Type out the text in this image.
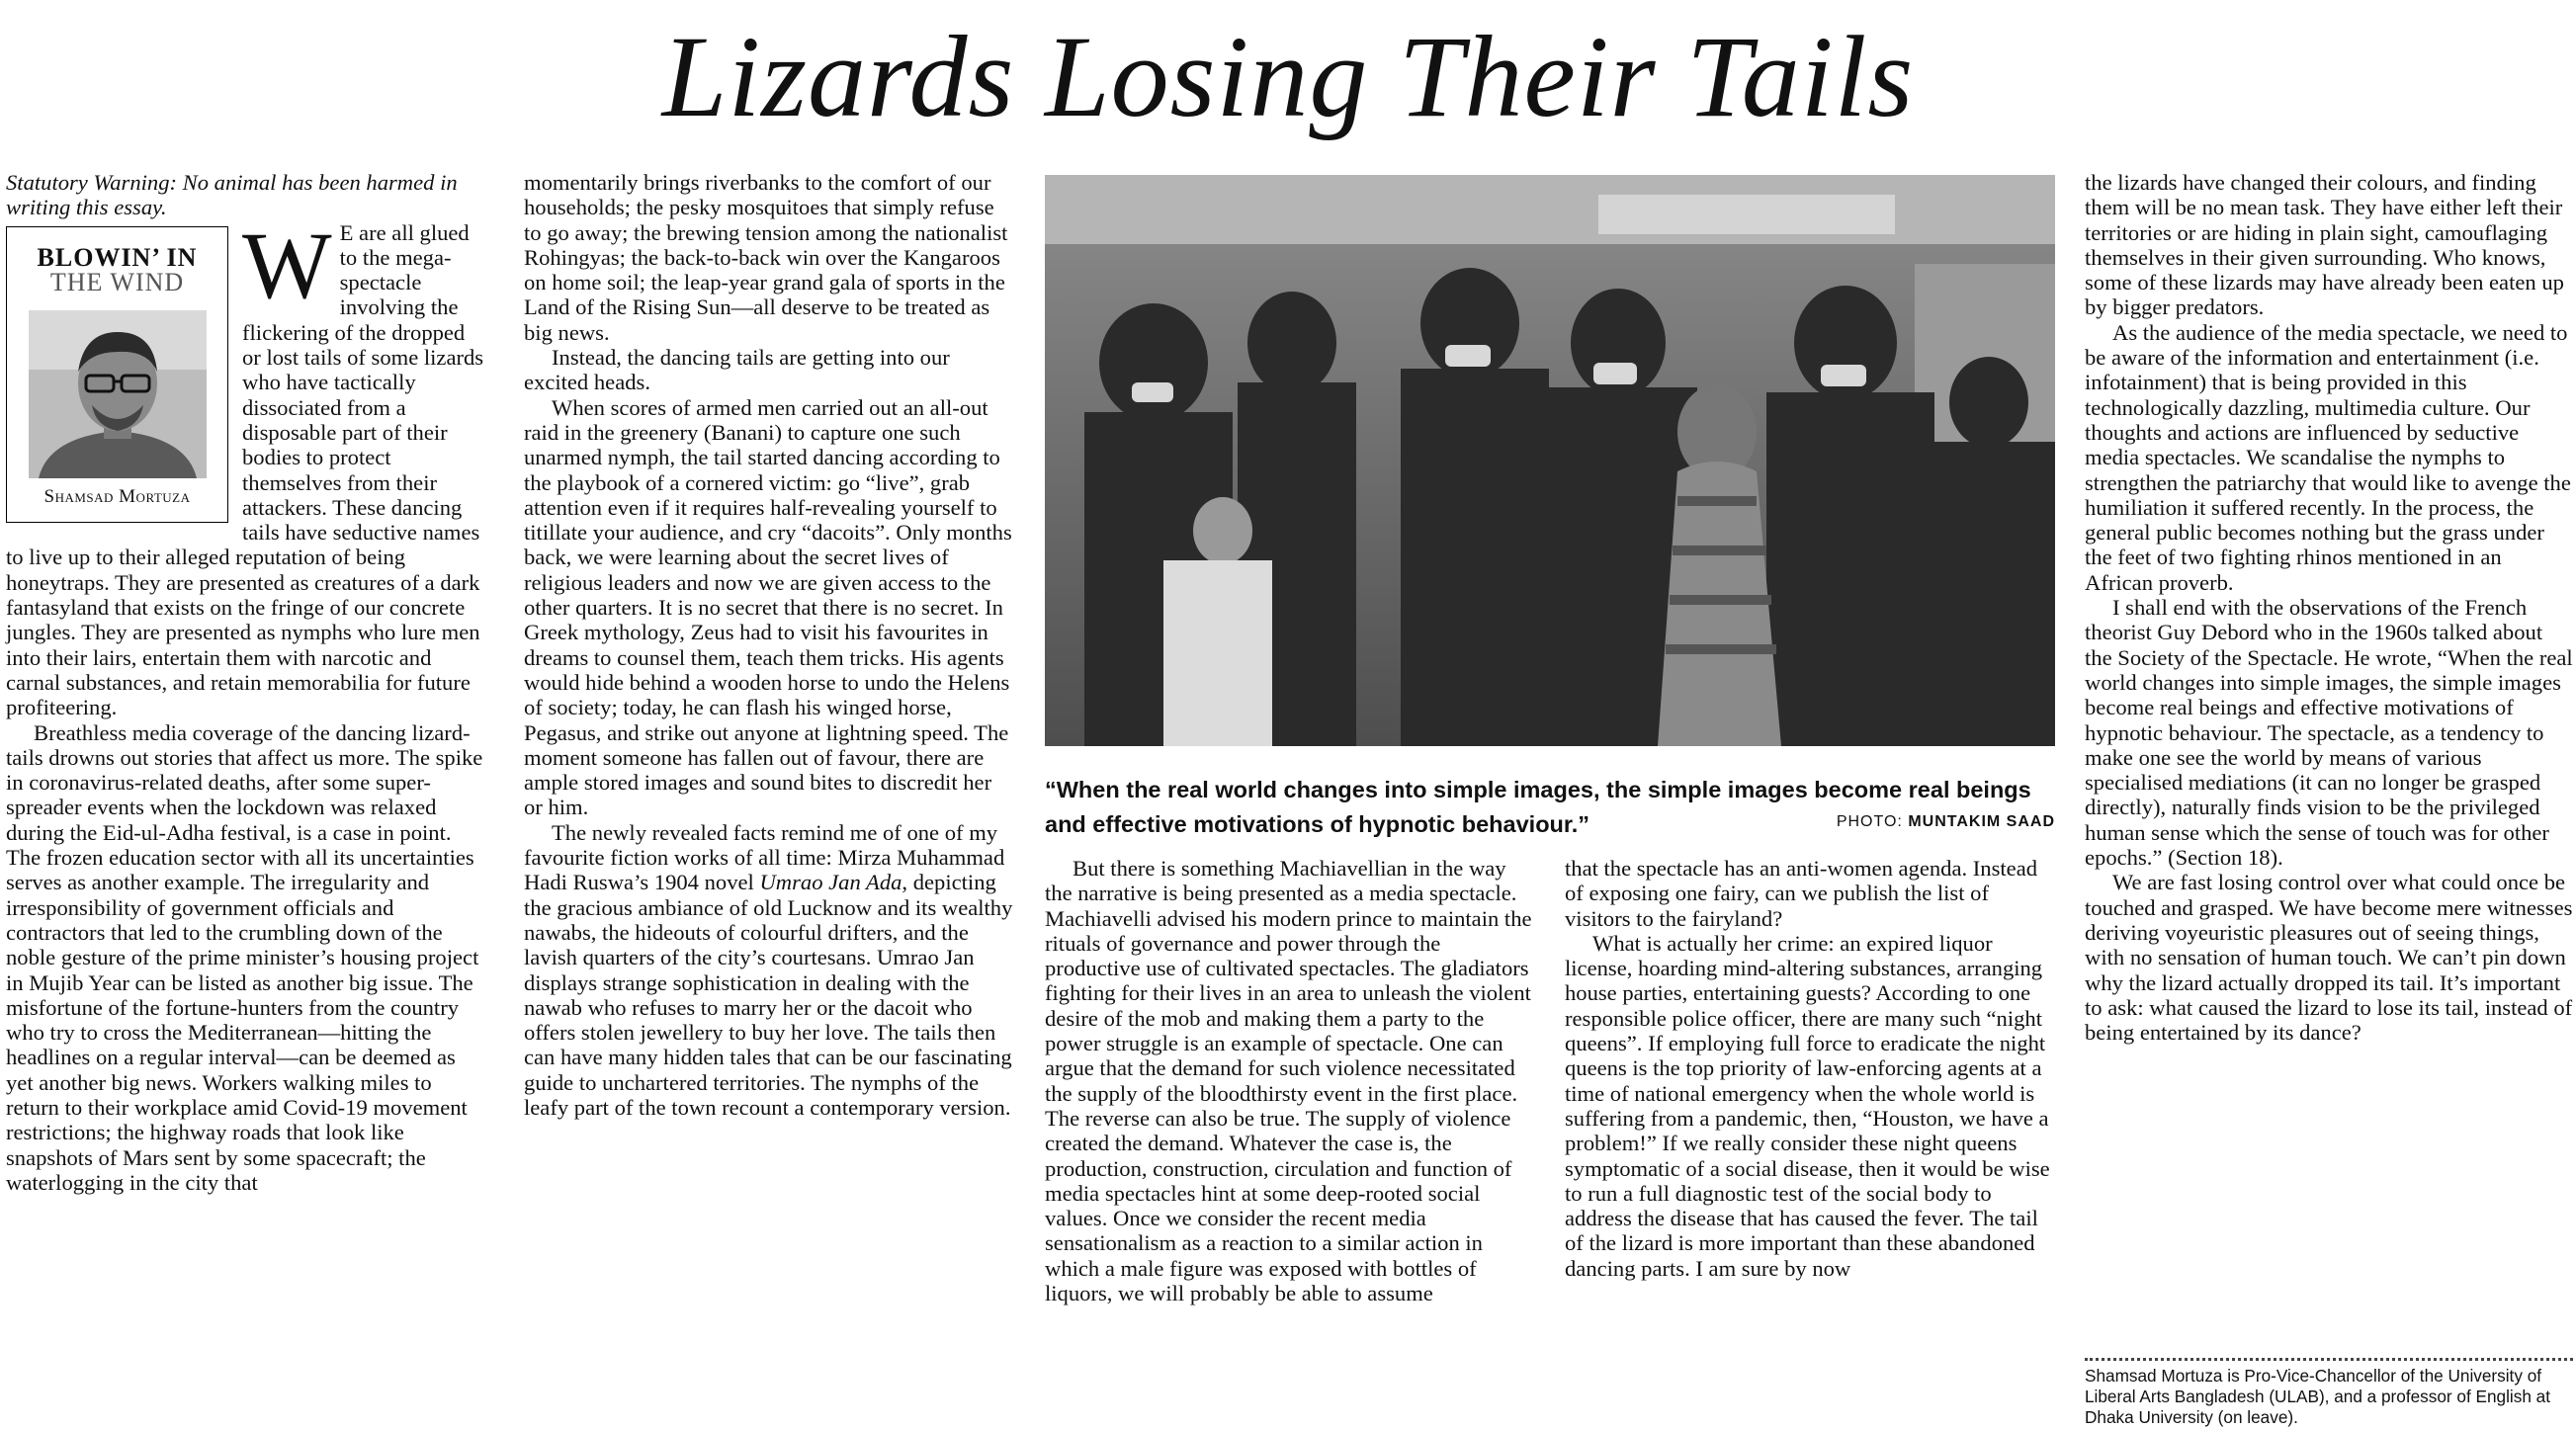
Lizards Losing Their Tails

Statutory Warning: No animal has been harmed in writing this essay.

BLOWIN’ IN
THE WIND
Shamsad Mortuza

W E are all glued to the mega-spectacle involving the flickering of the dropped or lost tails of some lizards who have tactically dissociated from a disposable part of their bodies to protect themselves from their attackers. These dancing tails have seductive names to live up to their alleged reputation of being honeytraps. They are presented as creatures of a dark fantasyland that exists on the fringe of our concrete jungles. They are presented as nymphs who lure men into their lairs, entertain them with narcotic and carnal substances, and retain memorabilia for future profiteering.

Breathless media coverage of the dancing lizard-tails drowns out stories that affect us more. The spike in coronavirus-related deaths, after some super-spreader events when the lockdown was relaxed during the Eid-ul-Adha festival, is a case in point. The frozen education sector with all its uncertainties serves as another example. The irregularity and irresponsibility of government officials and contractors that led to the crumbling down of the noble gesture of the prime minister’s housing project in Mujib Year can be listed as another big issue. The misfortune of the fortune-hunters from the country who try to cross the Mediterranean—hitting the headlines on a regular interval—can be deemed as yet another big news. Workers walking miles to return to their workplace amid Covid-19 movement restrictions; the highway roads that look like snapshots of Mars sent by some spacecraft; the waterlogging in the city that

momentarily brings riverbanks to the comfort of our households; the pesky mosquitoes that simply refuse to go away; the brewing tension among the nationalist Rohingyas; the back-to-back win over the Kangaroos on home soil; the leap-year grand gala of sports in the Land of the Rising Sun—all deserve to be treated as big news.

Instead, the dancing tails are getting into our excited heads.

When scores of armed men carried out an all-out raid in the greenery (Banani) to capture one such unarmed nymph, the tail started dancing according to the playbook of a cornered victim: go “live”, grab attention even if it requires half-revealing yourself to titillate your audience, and cry “dacoits”. Only months back, we were learning about the secret lives of religious leaders and now we are given access to the other quarters. It is no secret that there is no secret. In Greek mythology, Zeus had to visit his favourites in dreams to counsel them, teach them tricks. His agents would hide behind a wooden horse to undo the Helens of society; today, he can flash his winged horse, Pegasus, and strike out anyone at lightning speed. The moment someone has fallen out of favour, there are ample stored images and sound bites to discredit her or him.

The newly revealed facts remind me of one of my favourite fiction works of all time: Mirza Muhammad Hadi Ruswa’s 1904 novel Umrao Jan Ada, depicting the gracious ambiance of old Lucknow and its wealthy nawabs, the hideouts of colourful drifters, and the lavish quarters of the city’s courtesans. Umrao Jan displays strange sophistication in dealing with the nawab who refuses to marry her or the dacoit who offers stolen jewellery to buy her love. The tails then can have many hidden tales that can be our fascinating guide to unchartered territories. The nymphs of the leafy part of the town recount a contemporary version.

“When the real world changes into simple images, the simple images become real beings and effective motivations of hypnotic behaviour.”	PHOTO: MUNTAKIM SAAD

But there is something Machiavellian in the way the narrative is being presented as a media spectacle. Machiavelli advised his modern prince to maintain the rituals of governance and power through the productive use of cultivated spectacles. The gladiators fighting for their lives in an area to unleash the violent desire of the mob and making them a party to the power struggle is an example of spectacle. One can argue that the demand for such violence necessitated the supply of the bloodthirsty event in the first place. The reverse can also be true. The supply of violence created the demand. Whatever the case is, the production, construction, circulation and function of media spectacles hint at some deep-rooted social values. Once we consider the recent media sensationalism as a reaction to a similar action in which a male figure was exposed with bottles of liquors, we will probably be able to assume

that the spectacle has an anti-women agenda. Instead of exposing one fairy, can we publish the list of visitors to the fairyland?

What is actually her crime: an expired liquor license, hoarding mind-altering substances, arranging house parties, entertaining guests? According to one responsible police officer, there are many such “night queens”. If employing full force to eradicate the night queens is the top priority of law-enforcing agents at a time of national emergency when the whole world is suffering from a pandemic, then, “Houston, we have a problem!” If we really consider these night queens symptomatic of a social disease, then it would be wise to run a full diagnostic test of the social body to address the disease that has caused the fever. The tail of the lizard is more important than these abandoned dancing parts. I am sure by now

the lizards have changed their colours, and finding them will be no mean task. They have either left their territories or are hiding in plain sight, camouflaging themselves in their given surrounding. Who knows, some of these lizards may have already been eaten up by bigger predators.

As the audience of the media spectacle, we need to be aware of the information and entertainment (i.e. infotainment) that is being provided in this technologically dazzling, multimedia culture. Our thoughts and actions are influenced by seductive media spectacles. We scandalise the nymphs to strengthen the patriarchy that would like to avenge the humiliation it suffered recently. In the process, the general public becomes nothing but the grass under the feet of two fighting rhinos mentioned in an African proverb.

I shall end with the observations of the French theorist Guy Debord who in the 1960s talked about the Society of the Spectacle. He wrote, “When the real world changes into simple images, the simple images become real beings and effective motivations of hypnotic behaviour. The spectacle, as a tendency to make one see the world by means of various specialised mediations (it can no longer be grasped directly), naturally finds vision to be the privileged human sense which the sense of touch was for other epochs.” (Section 18).

We are fast losing control over what could once be touched and grasped. We have become mere witnesses deriving voyeuristic pleasures out of seeing things, with no sensation of human touch. We can’t pin down why the lizard actually dropped its tail. It’s important to ask: what caused the lizard to lose its tail, instead of being entertained by its dance?

Shamsad Mortuza is Pro-Vice-Chancellor of the University of Liberal Arts Bangladesh (ULAB), and a professor of English at Dhaka University (on leave).
